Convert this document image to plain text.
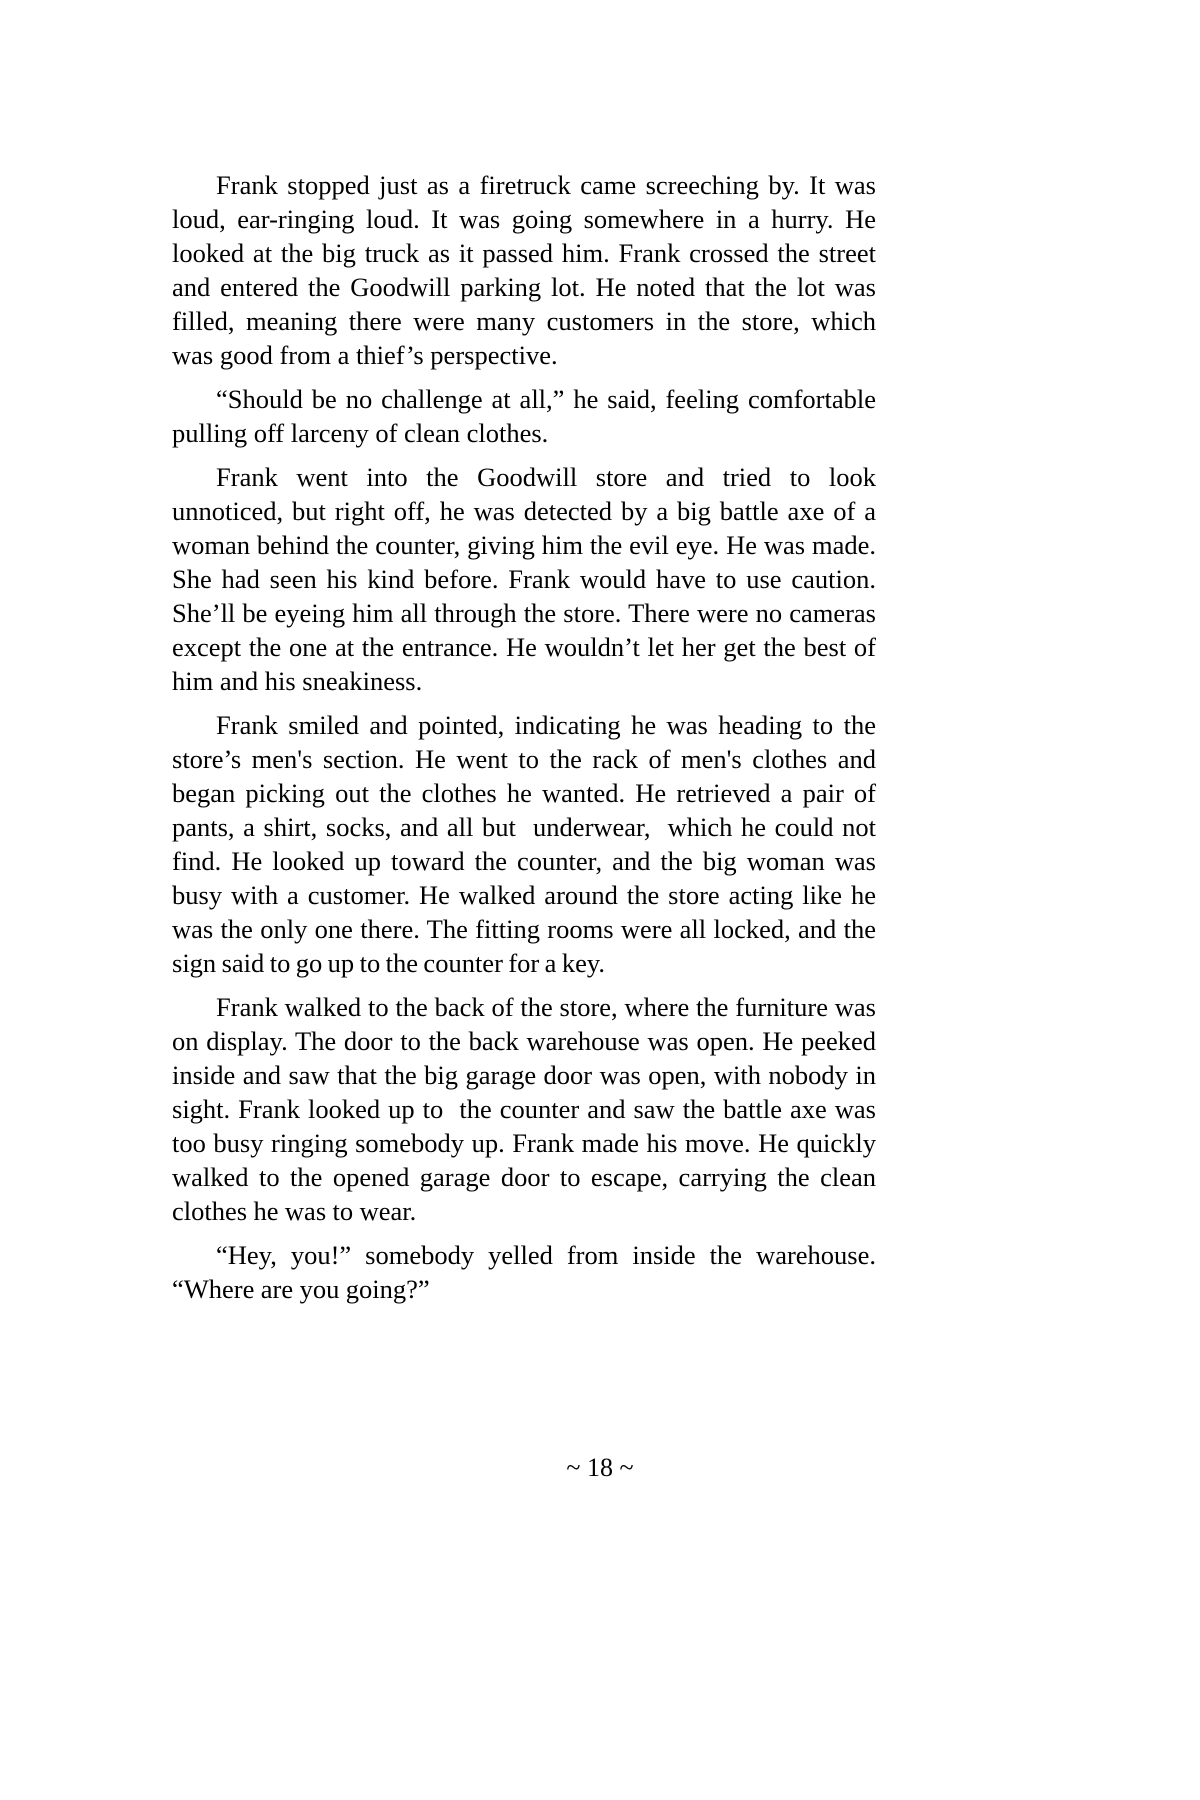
Frank stopped just as a firetruck came screeching by. It was loud, ear-ringing loud. It was going somewhere in a hurry. He looked at the big truck as it passed him. Frank crossed the street and entered the Goodwill parking lot. He noted that the lot was filled, meaning there were many customers in the store, which was good from a thief’s perspective.

“Should be no challenge at all,” he said, feeling comfortable pulling off larceny of clean clothes.

Frank went into the Goodwill store and tried to look unnoticed, but right off, he was detected by a big battle axe of a woman behind the counter, giving him the evil eye. He was made. She had seen his kind before. Frank would have to use caution. She’ll be eyeing him all through the store. There were no cameras except the one at the entrance. He wouldn’t let her get the best of him and his sneakiness.

Frank smiled and pointed, indicating he was heading to the store’s men's section. He went to the rack of men's clothes and began picking out the clothes he wanted. He retrieved a pair of pants, a shirt, socks, and all but  underwear,  which he could not find. He looked up toward the counter, and the big woman was busy with a customer. He walked around the store acting like he was the only one there. The fitting rooms were all locked, and the sign said to go up to the counter for a key.

Frank walked to the back of the store, where the furniture was on display. The door to the back warehouse was open. He peeked inside and saw that the big garage door was open, with nobody in sight. Frank looked up to  the counter and saw the battle axe was too busy ringing somebody up. Frank made his move. He quickly walked to the opened garage door to escape, carrying the clean  clothes he was to wear.

“Hey, you!” somebody yelled from inside the warehouse. “Where are you going?”

~ 18 ~
